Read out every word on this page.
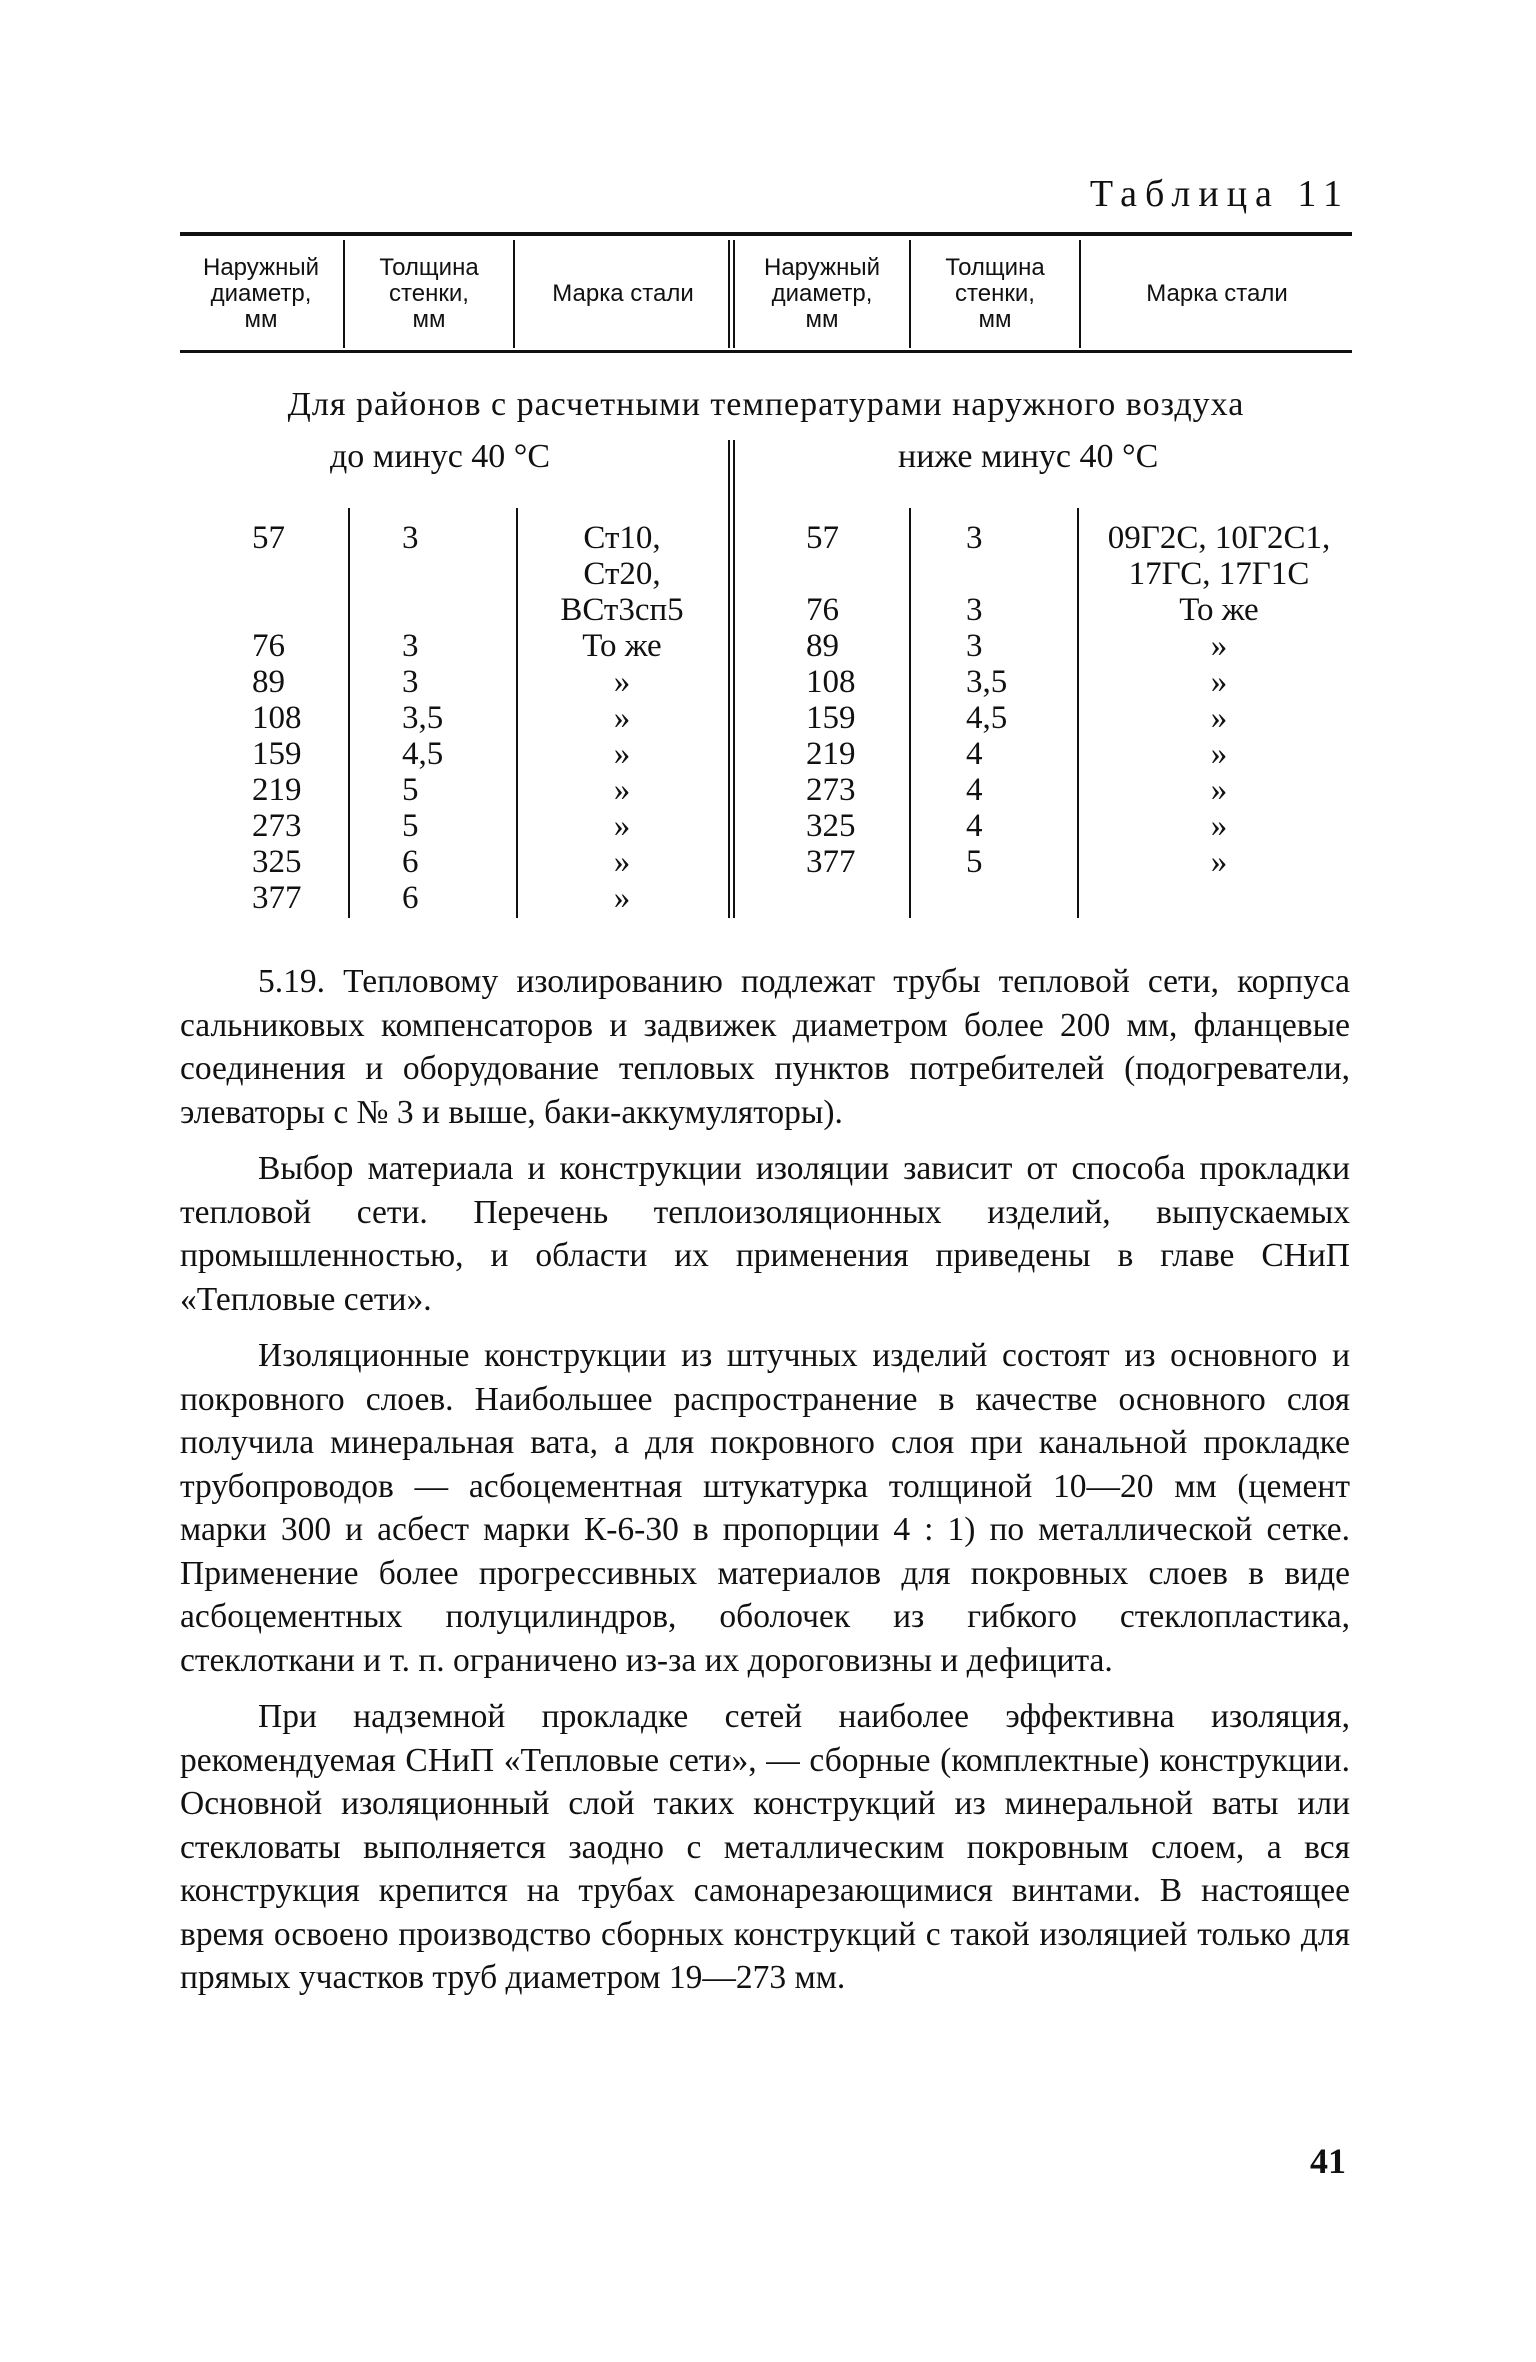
Таблица 11
Наружный
диаметр,
мм
Толщина
стенки,
мм
Марка стали
Наружный
диаметр,
мм
Толщина
стенки,
мм
Марка стали
Для районов с расчетными температурами наружного воздуха
до минус 40 °С	ниже минус 40 °С
57
76
89
108
159
219
273
325
377
3
3
3
3,5
4,5
5
5
6
6
Ст10,
Ст20,
ВСт3сп5
То же
»
»
»
»
»
»
»
57
76
89
108
159
219
273
325
377
3
3
3
3,5
4,5
4
4
4
5
09Г2С, 10Г2С1,
17ГС, 17Г1С
То же
»
»
»
»
»
»
»

5.19. Тепловому изолированию подлежат трубы тепловой сети, корпуса сальниковых компенсаторов и задвижек диаметром более 200 мм, фланцевые соединения и оборудование тепловых пунктов потребителей (подогреватели, элеваторы с № 3 и выше, баки-аккумуляторы).

Выбор материала и конструкции изоляции зависит от способа прокладки тепловой сети. Перечень теплоизоляционных изделий, выпускаемых промышленностью, и области их применения приведены в главе СНиП «Тепловые сети».

Изоляционные конструкции из штучных изделий состоят из основного и покровного слоев. Наибольшее распространение в качестве основного слоя получила минеральная вата, а для покровного слоя при канальной прокладке трубопроводов — асбоцементная штукатурка толщиной 10—20 мм (цемент марки 300 и асбест марки К-6-30 в пропорции 4 : 1) по металлической сетке. Применение более прогрессивных материалов для покровных слоев в виде асбоцементных полуцилиндров, оболочек из гибкого стеклопластика, стеклоткани и т. п. ограничено из-за их дороговизны и дефицита.

При надземной прокладке сетей наиболее эффективна изоляция, рекомендуемая СНиП «Тепловые сети», — сборные (комплектные) конструкции. Основной изоляционный слой таких конструкций из минеральной ваты или стекловаты выполняется заодно с металлическим покровным слоем, а вся конструкция крепится на трубах самонарезающимися винтами. В настоящее время освоено производство сборных конструкций с такой изоляцией только для прямых участков труб диаметром 19—273 мм.

41
